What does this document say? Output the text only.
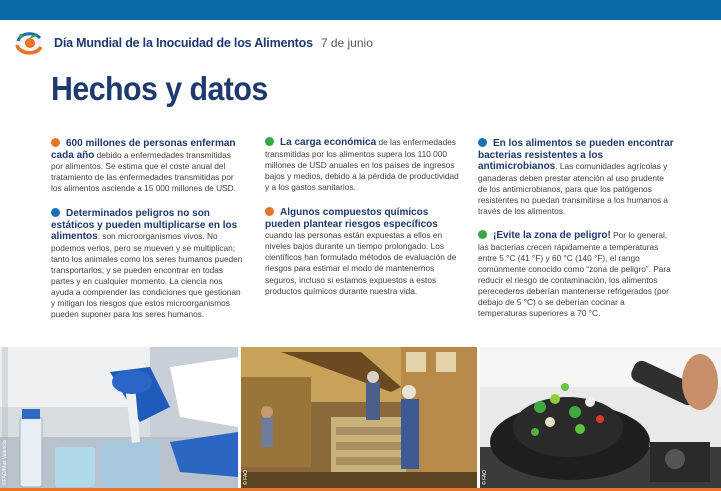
Día Mundial de la Inocuidad de los Alimentos 7 de junio
Hechos y datos
600 millones de personas enferman cada año debido a enfermedades transmitidas por alimentos. Se estima que el coste anual del tratamiento de las enfermedades transmitidas por los alimentos asciende a 15 000 millones de USD.
Determinados peligros no son estáticos y pueden multiplicarse en los alimentos: son microorganismos vivos. No podemos verlos, pero se mueven y se multiplican; tanto los animales como los seres humanos pueden transportarlos, y se pueden encontrar en todas partes y en cualquier momento. La ciencia nos ayuda a comprender las condiciones que gestionan y mitigan los riesgos que estos microorganismos pueden suponer para los seres humanos.
La carga económica de las enfermedades transmitidas por los alimentos supera los 110 000 millones de USD anuales en los países de ingresos bajos y medios, debido a la pérdida de productividad y a los gastos sanitarios.
Algunos compuestos químicos pueden plantear riesgos específicos
cuando las personas están expuestas a ellos en niveles bajos durante un tiempo prolongado. Los científicos han formulado métodos de evaluación de riesgos para estimar el modo de mantenernos seguros, incluso si estamos expuestos a estos productos químicos durante nuestra vida.
En los alimentos se pueden encontrar bacterias resistentes a los antimicrobianos. Las comunidades agrícolas y ganaderas deben prestar atención al uso prudente de los antimicrobianos, para que los patógenos resistentes no puedan transmitirse a los humanos a través de los alimentos.
¡Evite la zona de peligro! Por lo general, las bacterias crecen rápidamente a temperaturas entre 5 °C (41 °F) y 60 °C (140 °F), el rango comúnmente conocido como “zona de peligro”. Para reducir el riesgo de contaminación, los alimentos perecederos deberían mantenerse refrigerados (por debajo de 5 °C) o se deberían cocinar a temperaturas superiores a 70 °C.
©FAO/Max Valencia	© FAO	© FAO
